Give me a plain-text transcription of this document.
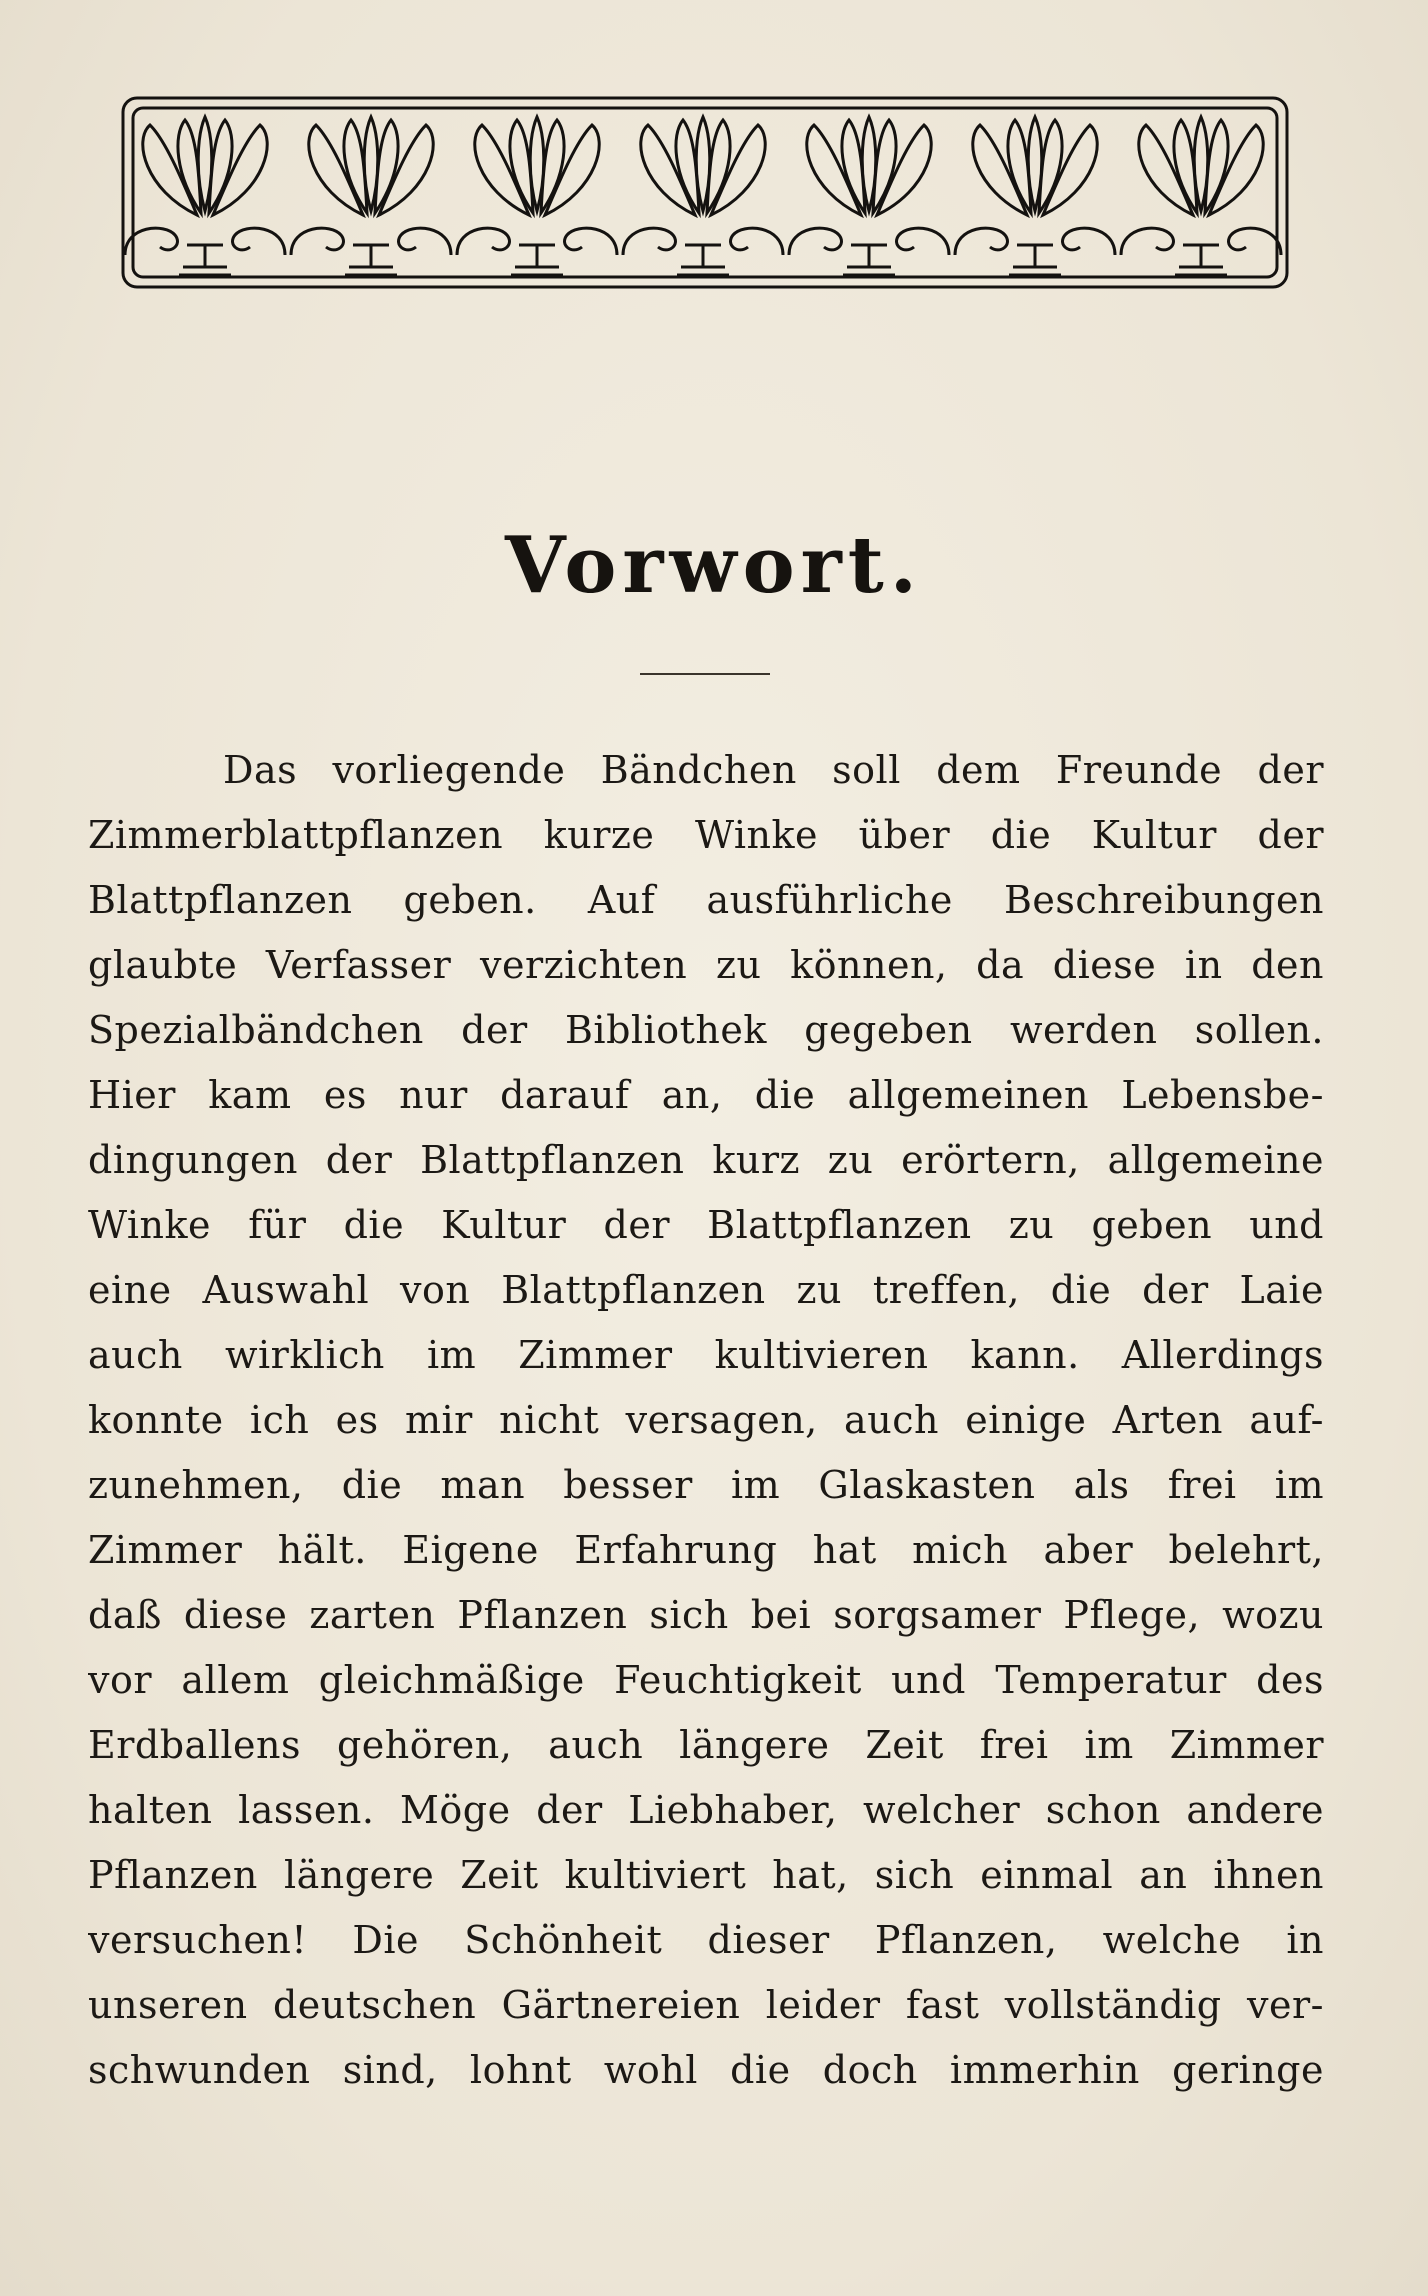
Vorwort.
Das vorliegende Bändchen soll dem Freunde der
Zimmerblattpflanzen kurze Winke über die Kultur der
Blattpflanzen geben. Auf ausführliche Beschreibungen
glaubte Verfasser verzichten zu können, da diese in den
Spezialbändchen der Bibliothek gegeben werden sollen.
Hier kam es nur darauf an, die allgemeinen Lebensbe-
dingungen der Blattpflanzen kurz zu erörtern, allgemeine
Winke für die Kultur der Blattpflanzen zu geben und
eine Auswahl von Blattpflanzen zu treffen, die der Laie
auch wirklich im Zimmer kultivieren kann. Allerdings
konnte ich es mir nicht versagen, auch einige Arten auf-
zunehmen, die man besser im Glaskasten als frei im
Zimmer hält. Eigene Erfahrung hat mich aber belehrt,
daß diese zarten Pflanzen sich bei sorgsamer Pflege, wozu
vor allem gleichmäßige Feuchtigkeit und Temperatur des
Erdballens gehören, auch längere Zeit frei im Zimmer
halten lassen. Möge der Liebhaber, welcher schon andere
Pflanzen längere Zeit kultiviert hat, sich einmal an ihnen
versuchen! Die Schönheit dieser Pflanzen, welche in
unseren deutschen Gärtnereien leider fast vollständig ver-
schwunden sind, lohnt wohl die doch immerhin geringe
